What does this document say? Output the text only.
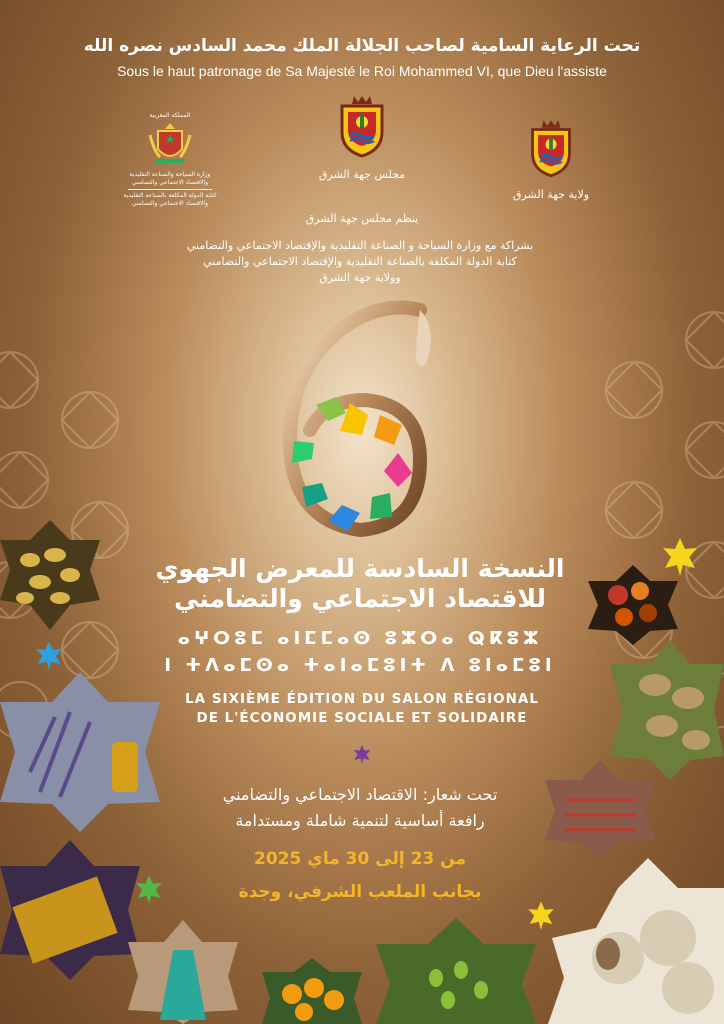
تحت الرعاية السامية لصاحب الجلالة الملك محمد السادس نصره الله
Sous le haut patronage de Sa Majesté le Roi Mohammed VI, que Dieu l'assiste
المملكة المغربية
وزارة السياحة والصناعة التقليدية
والاقتصاد الاجتماعي والتضامني
كتابة الدولة المكلفة بالصناعة التقليدية
والاقتصاد الاجتماعي والتضامني
مجلس جهة الشرق
ولاية جهة الشرق
ينظم مجلس جهة الشرق
بشراكة مع وزارة السياحة و الصناعة التقليدية والإقتصاد الاجتماعي والتضامني
كتابة الدولة المكلفة بالصناعة التقليدية والإقتصاد الاجتماعي والتضامني
وولاية جهة الشرق
النسخة السادسة للمعرض الجهوي
للاقتصاد الاجتماعي والتضامني
ⴰⵖⵔⵓⵎ ⴰⵏⵎⵎⴰⵙ ⵓⵣⵔⴰ ⵕⴽⵓⵣ
ⵏ ⵜⴷⴰⵎⵙⴰ ⵜⴰⵏⴰⵎⵓⵏⵜ ⴷ ⵓⵏⴰⵎⵓⵏ
LA SIXIÈME ÉDITION DU SALON RÉGIONAL
DE L'ÉCONOMIE SOCIALE ET SOLIDAIRE
تحت شعار: الاقتصاد الاجتماعي والتضامني
رافعة أساسية لتنمية شاملة ومستدامة
من 23 إلى 30 ماي 2025
بجانب الملعب الشرفي، وجدة
